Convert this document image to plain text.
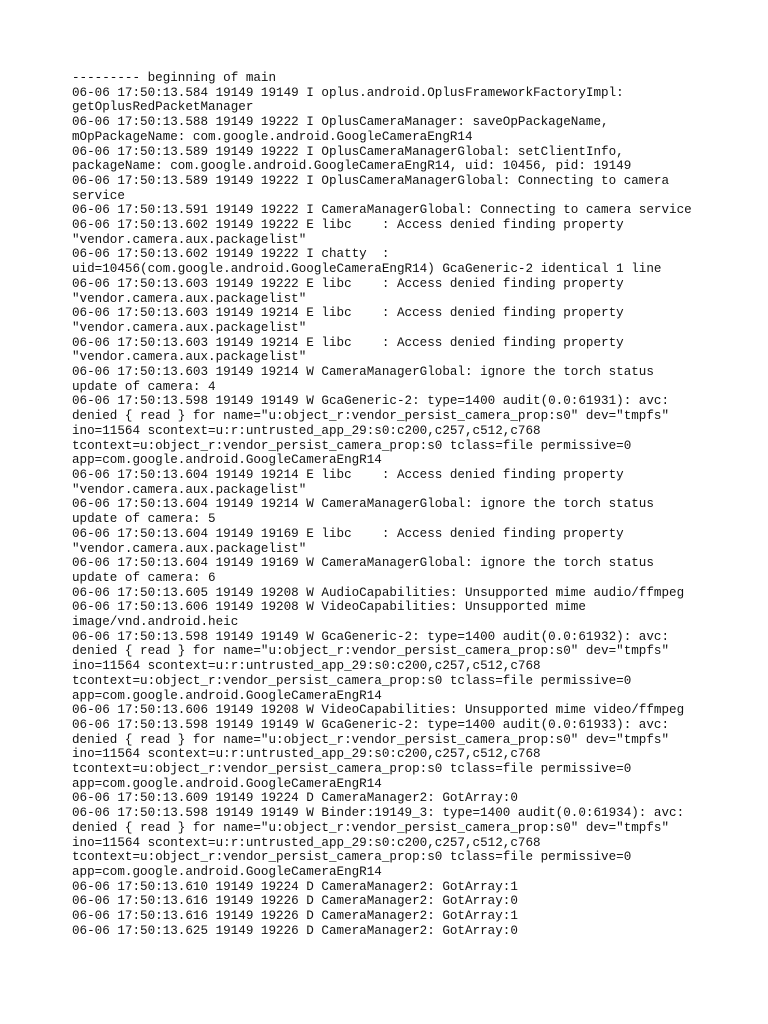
--------- beginning of main
06-06 17:50:13.584 19149 19149 I oplus.android.OplusFrameworkFactoryImpl:
getOplusRedPacketManager
06-06 17:50:13.588 19149 19222 I OplusCameraManager: saveOpPackageName,
mOpPackageName: com.google.android.GoogleCameraEngR14
06-06 17:50:13.589 19149 19222 I OplusCameraManagerGlobal: setClientInfo,
packageName: com.google.android.GoogleCameraEngR14, uid: 10456, pid: 19149
06-06 17:50:13.589 19149 19222 I OplusCameraManagerGlobal: Connecting to camera
service
06-06 17:50:13.591 19149 19222 I CameraManagerGlobal: Connecting to camera service
06-06 17:50:13.602 19149 19222 E libc    : Access denied finding property
"vendor.camera.aux.packagelist"
06-06 17:50:13.602 19149 19222 I chatty  :
uid=10456(com.google.android.GoogleCameraEngR14) GcaGeneric-2 identical 1 line
06-06 17:50:13.603 19149 19222 E libc    : Access denied finding property
"vendor.camera.aux.packagelist"
06-06 17:50:13.603 19149 19214 E libc    : Access denied finding property
"vendor.camera.aux.packagelist"
06-06 17:50:13.603 19149 19214 E libc    : Access denied finding property
"vendor.camera.aux.packagelist"
06-06 17:50:13.603 19149 19214 W CameraManagerGlobal: ignore the torch status
update of camera: 4
06-06 17:50:13.598 19149 19149 W GcaGeneric-2: type=1400 audit(0.0:61931): avc:
denied { read } for name="u:object_r:vendor_persist_camera_prop:s0" dev="tmpfs"
ino=11564 scontext=u:r:untrusted_app_29:s0:c200,c257,c512,c768
tcontext=u:object_r:vendor_persist_camera_prop:s0 tclass=file permissive=0
app=com.google.android.GoogleCameraEngR14
06-06 17:50:13.604 19149 19214 E libc    : Access denied finding property
"vendor.camera.aux.packagelist"
06-06 17:50:13.604 19149 19214 W CameraManagerGlobal: ignore the torch status
update of camera: 5
06-06 17:50:13.604 19149 19169 E libc    : Access denied finding property
"vendor.camera.aux.packagelist"
06-06 17:50:13.604 19149 19169 W CameraManagerGlobal: ignore the torch status
update of camera: 6
06-06 17:50:13.605 19149 19208 W AudioCapabilities: Unsupported mime audio/ffmpeg
06-06 17:50:13.606 19149 19208 W VideoCapabilities: Unsupported mime
image/vnd.android.heic
06-06 17:50:13.598 19149 19149 W GcaGeneric-2: type=1400 audit(0.0:61932): avc:
denied { read } for name="u:object_r:vendor_persist_camera_prop:s0" dev="tmpfs"
ino=11564 scontext=u:r:untrusted_app_29:s0:c200,c257,c512,c768
tcontext=u:object_r:vendor_persist_camera_prop:s0 tclass=file permissive=0
app=com.google.android.GoogleCameraEngR14
06-06 17:50:13.606 19149 19208 W VideoCapabilities: Unsupported mime video/ffmpeg
06-06 17:50:13.598 19149 19149 W GcaGeneric-2: type=1400 audit(0.0:61933): avc:
denied { read } for name="u:object_r:vendor_persist_camera_prop:s0" dev="tmpfs"
ino=11564 scontext=u:r:untrusted_app_29:s0:c200,c257,c512,c768
tcontext=u:object_r:vendor_persist_camera_prop:s0 tclass=file permissive=0
app=com.google.android.GoogleCameraEngR14
06-06 17:50:13.609 19149 19224 D CameraManager2: GotArray:0
06-06 17:50:13.598 19149 19149 W Binder:19149_3: type=1400 audit(0.0:61934): avc:
denied { read } for name="u:object_r:vendor_persist_camera_prop:s0" dev="tmpfs"
ino=11564 scontext=u:r:untrusted_app_29:s0:c200,c257,c512,c768
tcontext=u:object_r:vendor_persist_camera_prop:s0 tclass=file permissive=0
app=com.google.android.GoogleCameraEngR14
06-06 17:50:13.610 19149 19224 D CameraManager2: GotArray:1
06-06 17:50:13.616 19149 19226 D CameraManager2: GotArray:0
06-06 17:50:13.616 19149 19226 D CameraManager2: GotArray:1
06-06 17:50:13.625 19149 19226 D CameraManager2: GotArray:0
